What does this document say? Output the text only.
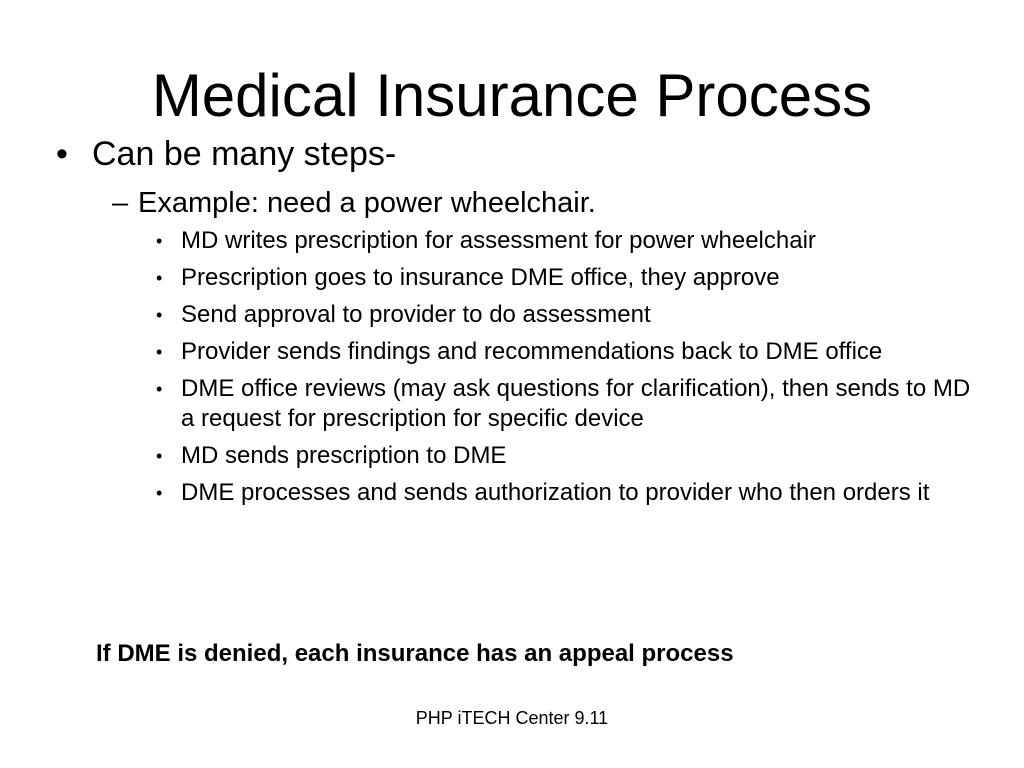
Medical Insurance Process
• Can be many steps-
– Example: need a power wheelchair.
• MD writes prescription for assessment for power wheelchair
• Prescription goes to insurance DME office, they approve
• Send approval to provider to do assessment
• Provider sends findings and recommendations back to DME office
• DME office reviews (may ask questions for clarification), then sends to MD a request for prescription for specific device
• MD sends prescription to DME
• DME processes and sends authorization to provider who then orders it
If DME is denied, each insurance has an appeal process
PHP iTECH Center 9.11
